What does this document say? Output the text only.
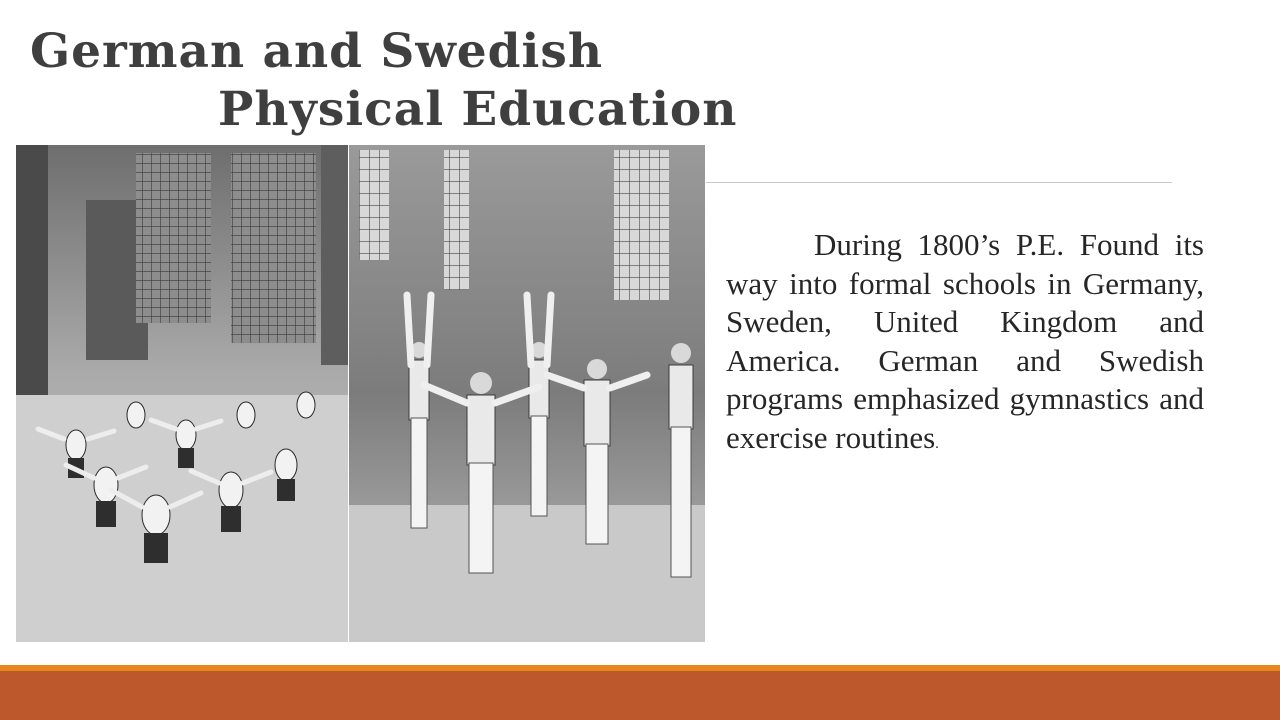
German and Swedish
Physical Education

During 1800’s P.E. Found its way into formal schools in Germany, Sweden, United Kingdom and America. German and Swedish programs emphasized gymnastics and exercise routines.
